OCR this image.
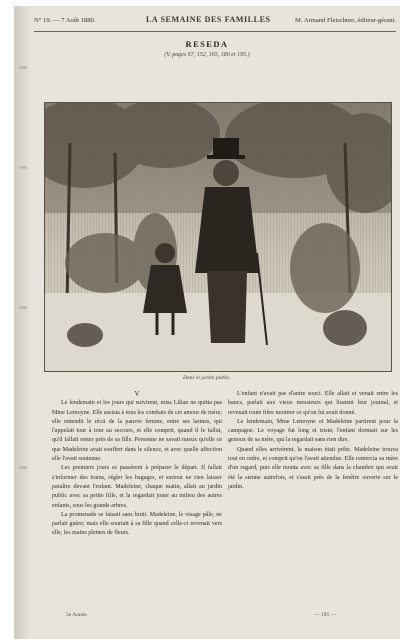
N° 19. — 7 Août 1880.	LA SEMAINE DES FAMILLES	M. Armand Fleischner, éditeur-gérant.
RESEDA
(V. pages 67, 152, 165, 180 et 195.)
Dans le jardin public.

V

Le lendemain et les jours qui suivirent, miss Lilian ne quitta pas Mme Lemoyne. Elle assista à tous les combats de cet amour de mère; elle entendit le récit de la pauvre femme, entre ses larmes, qui l'appelait tour à tour au secours, et elle comprit, quand il le fallut, qu'il fallait rester près de sa fille. Personne ne savait mieux qu'elle ce que Madeleine avait souffert dans le silence, et avec quelle affection elle l'avait soutenue.

Les premiers jours se passèrent à préparer le départ. Il fallait s'informer des trains, régler les bagages, et surtout ne rien laisser paraître devant l'enfant. Madeleine, chaque matin, allait au jardin public avec sa petite fille, et la regardait jouer au milieu des autres enfants, sous les grands arbres.

La promenade se faisait sans bruit. Madeleine, le visage pâle, ne parlait guère; mais elle souriait à sa fille quand celle-ci revenait vers elle, les mains pleines de fleurs.

L'enfant n'avait pas d'autre souci. Elle allait et venait entre les bancs, parlait aux vieux messieurs qui lisaient leur journal, et revenait toute fière montrer ce qu'on lui avait donné.

Le lendemain, Mme Lemoyne et Madeleine partirent pour la campagne. Le voyage fut long et triste; l'enfant dormait sur les genoux de sa mère, qui la regardait sans rien dire.

Quand elles arrivèrent, la maison était prête. Madeleine trouva tout en ordre, et comprit qu'on l'avait attendue. Elle remercia sa mère d'un regard, puis elle monta avec sa fille dans la chambre qui avait été la sienne autrefois, et s'assit près de la fenêtre ouverte sur le jardin.

5e Année.	— 195 —
